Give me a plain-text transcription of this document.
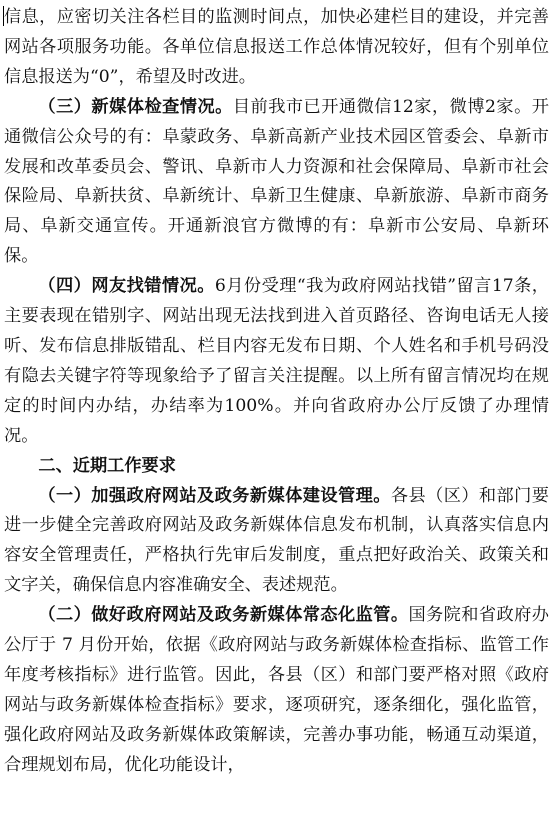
信息，应密切关注各栏目的监测时间点，加快必建栏目的建设，并完善网站各项服务功能。各单位信息报送工作总体情况较好，但有个别单位信息报送为“0”，希望及时改进。

（三）新媒体检查情况。目前我市已开通微信12家，微博2家。开通微信公众号的有：阜蒙政务、阜新高新产业技术园区管委会、阜新市发展和改革委员会、警讯、阜新市人力资源和社会保障局、阜新市社会保险局、阜新扶贫、阜新统计、阜新卫生健康、阜新旅游、阜新市商务局、阜新交通宣传。开通新浪官方微博的有：阜新市公安局、阜新环保。

（四）网友找错情况。6月份受理“我为政府网站找错”留言17条，主要表现在错别字、网站出现无法找到进入首页路径、咨询电话无人接听、发布信息排版错乱、栏目内容无发布日期、个人姓名和手机号码没有隐去关键字符等现象给予了留言关注提醒。以上所有留言情况均在规定的时间内办结，办结率为100%。并向省政府办公厅反馈了办理情况。

二、近期工作要求

（一）加强政府网站及政务新媒体建设管理。各县（区）和部门要进一步健全完善政府网站及政务新媒体信息发布机制，认真落实信息内容安全管理责任，严格执行先审后发制度，重点把好政治关、政策关和文字关，确保信息内容准确安全、表述规范。

（二）做好政府网站及政务新媒体常态化监管。国务院和省政府办公厅于 7 月份开始，依据《政府网站与政务新媒体检查指标、监管工作年度考核指标》进行监管。因此，各县（区）和部门要严格对照《政府网站与政务新媒体检查指标》要求，逐项研究，逐条细化，强化监管，强化政府网站及政务新媒体政策解读，完善办事功能，畅通互动渠道，合理规划布局，优化功能设计，
